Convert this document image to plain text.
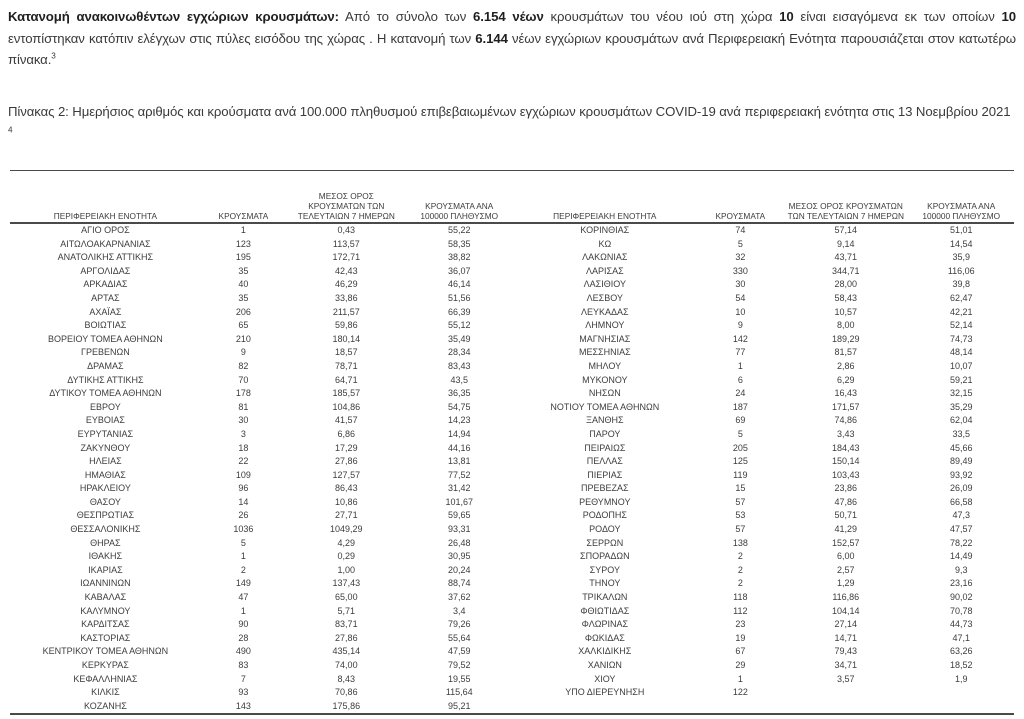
Κατανομή ανακοινωθέντων εγχώριων κρουσμάτων: Από το σύνολο των 6.154 νέων κρουσμάτων του νέου ιού στη χώρα 10 είναι εισαγόμενα εκ των οποίων 10 εντοπίστηκαν κατόπιν ελέγχων στις πύλες εισόδου της χώρας . Η κατανομή των 6.144 νέων εγχώριων κρουσμάτων ανά Περιφερειακή Ενότητα παρουσιάζεται στον κατωτέρω πίνακα.$^3$

Πίνακας 2: Ημερήσιος αριθμός και κρούσματα ανά 100.000 πληθυσμού επιβεβαιωμένων εγχώριων κρουσμάτων COVID-19 ανά περιφερειακή ενότητα στις 13 Νοεμβρίου 2021 $^4$

ΠΕΡΙΦΕΡΕΙΑΚΗ ΕΝΟΤΗΤΑ	ΚΡΟΥΣΜΑΤΑ	ΜΕΣΟΣ ΟΡΟΣ ΚΡΟΥΣΜΑΤΩΝ ΤΩΝ ΤΕΛΕΥΤΑΙΩΝ 7 ΗΜΕΡΩΝ	ΚΡΟΥΣΜΑΤΑ ΑΝΑ 100000 ΠΛΗΘΥΣΜΟ	ΠΕΡΙΦΕΡΕΙΑΚΗ ΕΝΟΤΗΤΑ	ΚΡΟΥΣΜΑΤΑ	ΜΕΣΟΣ ΟΡΟΣ ΚΡΟΥΣΜΑΤΩΝ ΤΩΝ ΤΕΛΕΥΤΑΙΩΝ 7 ΗΜΕΡΩΝ	ΚΡΟΥΣΜΑΤΑ ΑΝΑ 100000 ΠΛΗΘΥΣΜΟ
ΑΓΙΟ ΟΡΟΣ	1	0,43	55,22	ΚΟΡΙΝΘΙΑΣ	74	57,14	51,01
ΑΙΤΩΛΟΑΚΑΡΝΑΝΙΑΣ	123	113,57	58,35	ΚΩ	5	9,14	14,54
ΑΝΑΤΟΛΙΚΗΣ ΑΤΤΙΚΗΣ	195	172,71	38,82	ΛΑΚΩΝΙΑΣ	32	43,71	35,9
ΑΡΓΟΛΙΔΑΣ	35	42,43	36,07	ΛΑΡΙΣΑΣ	330	344,71	116,06
ΑΡΚΑΔΙΑΣ	40	46,29	46,14	ΛΑΣΙΘΙΟΥ	30	28,00	39,8
ΑΡΤΑΣ	35	33,86	51,56	ΛΕΣΒΟΥ	54	58,43	62,47
ΑΧΑΪΑΣ	206	211,57	66,39	ΛΕΥΚΑΔΑΣ	10	10,57	42,21
ΒΟΙΩΤΙΑΣ	65	59,86	55,12	ΛΗΜΝΟΥ	9	8,00	52,14
ΒΟΡΕΙΟΥ ΤΟΜΕΑ ΑΘΗΝΩΝ	210	180,14	35,49	ΜΑΓΝΗΣΙΑΣ	142	189,29	74,73
ΓΡΕΒΕΝΩΝ	9	18,57	28,34	ΜΕΣΣΗΝΙΑΣ	77	81,57	48,14
ΔΡΑΜΑΣ	82	78,71	83,43	ΜΗΛΟΥ	1	2,86	10,07
ΔΥΤΙΚΗΣ ΑΤΤΙΚΗΣ	70	64,71	43,5	ΜΥΚΟΝΟΥ	6	6,29	59,21
ΔΥΤΙΚΟΥ ΤΟΜΕΑ ΑΘΗΝΩΝ	178	185,57	36,35	ΝΗΣΩΝ	24	16,43	32,15
ΕΒΡΟΥ	81	104,86	54,75	ΝΟΤΙΟΥ ΤΟΜΕΑ ΑΘΗΝΩΝ	187	171,57	35,29
ΕΥΒΟΙΑΣ	30	41,57	14,23	ΞΑΝΘΗΣ	69	74,86	62,04
ΕΥΡΥΤΑΝΙΑΣ	3	6,86	14,94	ΠΑΡΟΥ	5	3,43	33,5
ΖΑΚΥΝΘΟΥ	18	17,29	44,16	ΠΕΙΡΑΙΩΣ	205	184,43	45,66
ΗΛΕΙΑΣ	22	27,86	13,81	ΠΕΛΛΑΣ	125	150,14	89,49
ΗΜΑΘΙΑΣ	109	127,57	77,52	ΠΙΕΡΙΑΣ	119	103,43	93,92
ΗΡΑΚΛΕΙΟΥ	96	86,43	31,42	ΠΡΕΒΕΖΑΣ	15	23,86	26,09
ΘΑΣΟΥ	14	10,86	101,67	ΡΕΘΥΜΝΟΥ	57	47,86	66,58
ΘΕΣΠΡΩΤΙΑΣ	26	27,71	59,65	ΡΟΔΟΠΗΣ	53	50,71	47,3
ΘΕΣΣΑΛΟΝΙΚΗΣ	1036	1049,29	93,31	ΡΟΔΟΥ	57	41,29	47,57
ΘΗΡΑΣ	5	4,29	26,48	ΣΕΡΡΩΝ	138	152,57	78,22
ΙΘΑΚΗΣ	1	0,29	30,95	ΣΠΟΡΑΔΩΝ	2	6,00	14,49
ΙΚΑΡΙΑΣ	2	1,00	20,24	ΣΥΡΟΥ	2	2,57	9,3
ΙΩΑΝΝΙΝΩΝ	149	137,43	88,74	ΤΗΝΟΥ	2	1,29	23,16
ΚΑΒΑΛΑΣ	47	65,00	37,62	ΤΡΙΚΑΛΩΝ	118	116,86	90,02
ΚΑΛΥΜΝΟΥ	1	5,71	3,4	ΦΘΙΩΤΙΔΑΣ	112	104,14	70,78
ΚΑΡΔΙΤΣΑΣ	90	83,71	79,26	ΦΛΩΡΙΝΑΣ	23	27,14	44,73
ΚΑΣΤΟΡΙΑΣ	28	27,86	55,64	ΦΩΚΙΔΑΣ	19	14,71	47,1
ΚΕΝΤΡΙΚΟΥ ΤΟΜΕΑ ΑΘΗΝΩΝ	490	435,14	47,59	ΧΑΛΚΙΔΙΚΗΣ	67	79,43	63,26
ΚΕΡΚΥΡΑΣ	83	74,00	79,52	ΧΑΝΙΩΝ	29	34,71	18,52
ΚΕΦΑΛΛΗΝΙΑΣ	7	8,43	19,55	ΧΙΟΥ	1	3,57	1,9
ΚΙΛΚΙΣ	93	70,86	115,64	ΥΠΟ ΔΙΕΡΕΥΝΗΣΗ	122		
ΚΟΖΑΝΗΣ	143	175,86	95,21				
